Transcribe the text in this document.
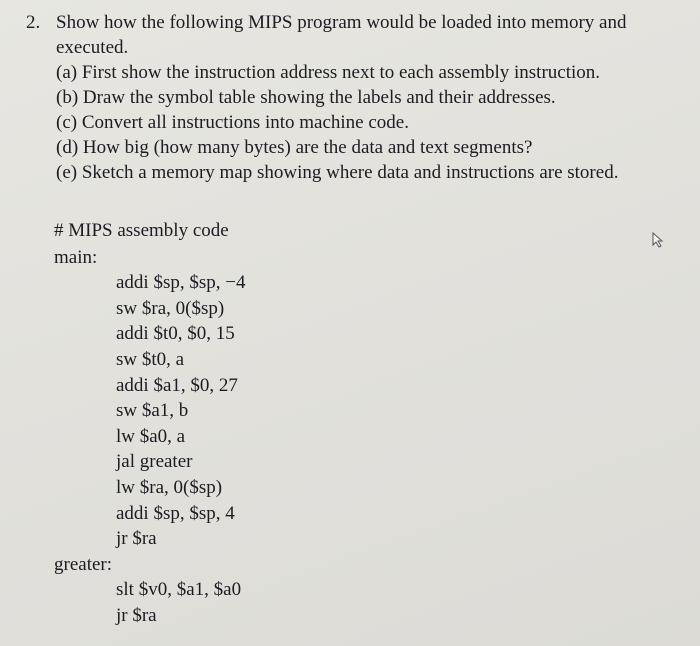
2. Show how the following MIPS program would be loaded into memory and
executed.
(a) First show the instruction address next to each assembly instruction.
(b) Draw the symbol table showing the labels and their addresses.
(c) Convert all instructions into machine code.
(d) How big (how many bytes) are the data and text segments?
(e) Sketch a memory map showing where data and instructions are stored.
# MIPS assembly code
main:
addi $sp, $sp, −4
sw $ra, 0($sp)
addi $t0, $0, 15
sw $t0, a
addi $a1, $0, 27
sw $a1, b
lw $a0, a
jal greater
lw $ra, 0($sp)
addi $sp, $sp, 4
jr $ra
greater:
slt $v0, $a1, $a0
jr $ra
